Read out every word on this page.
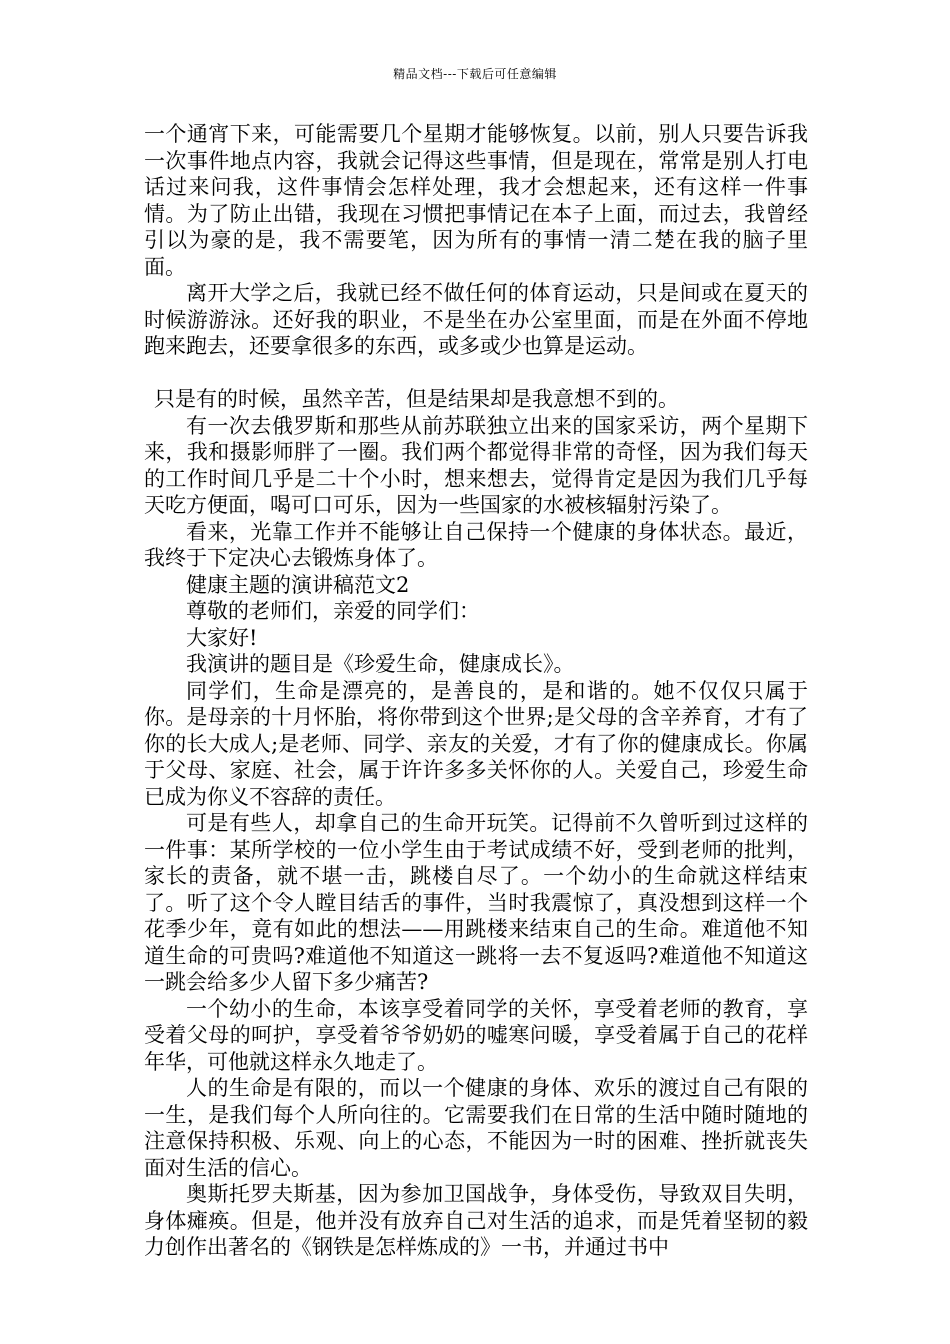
精品文档---下载后可任意编辑

一个通宵下来，可能需要几个星期才能够恢复。以前，别人只要告诉我一次事件地点内容，我就会记得这些事情，但是现在，常常是别人打电话过来问我，这件事情会怎样处理，我才会想起来，还有这样一件事情。为了防止出错，我现在习惯把事情记在本子上面，而过去，我曾经引以为豪的是，我不需要笔，因为所有的事情一清二楚在我的脑子里面。

离开大学之后，我就已经不做任何的体育运动，只是间或在夏天的时候游游泳。还好我的职业，不是坐在办公室里面，而是在外面不停地跑来跑去，还要拿很多的东西，或多或少也算是运动。

只是有的时候，虽然辛苦，但是结果却是我意想不到的。

有一次去俄罗斯和那些从前苏联独立出来的国家采访，两个星期下来，我和摄影师胖了一圈。我们两个都觉得非常的奇怪，因为我们每天的工作时间几乎是二十个小时，想来想去，觉得肯定是因为我们几乎每天吃方便面，喝可口可乐，因为一些国家的水被核辐射污染了。

看来，光靠工作并不能够让自己保持一个健康的身体状态。最近，我终于下定决心去锻炼身体了。

健康主题的演讲稿范文2

尊敬的老师们，亲爱的同学们：

大家好!

我演讲的题目是《珍爱生命，健康成长》。

同学们，生命是漂亮的，是善良的，是和谐的。她不仅仅只属于你。是母亲的十月怀胎，将你带到这个世界;是父母的含辛养育，才有了你的长大成人;是老师、同学、亲友的关爱，才有了你的健康成长。你属于父母、家庭、社会，属于许许多多关怀你的人。关爱自己，珍爱生命已成为你义不容辞的责任。

可是有些人，却拿自己的生命开玩笑。记得前不久曾听到过这样的一件事：某所学校的一位小学生由于考试成绩不好，受到老师的批判，家长的责备，就不堪一击，跳楼自尽了。一个幼小的生命就这样结束了。听了这个令人瞠目结舌的事件，当时我震惊了，真没想到这样一个花季少年，竟有如此的想法——用跳楼来结束自己的生命。难道他不知道生命的可贵吗?难道他不知道这一跳将一去不复返吗?难道他不知道这一跳会给多少人留下多少痛苦?

一个幼小的生命，本该享受着同学的关怀，享受着老师的教育，享受着父母的呵护，享受着爷爷奶奶的嘘寒问暖，享受着属于自己的花样年华，可他就这样永久地走了。

人的生命是有限的，而以一个健康的身体、欢乐的渡过自己有限的一生，是我们每个人所向往的。它需要我们在日常的生活中随时随地的注意保持积极、乐观、向上的心态，不能因为一时的困难、挫折就丧失面对生活的信心。

奥斯托罗夫斯基，因为参加卫国战争，身体受伤，导致双目失明，身体瘫痪。但是，他并没有放弃自己对生活的追求，而是凭着坚韧的毅力创作出著名的《钢铁是怎样炼成的》一书，并通过书中
